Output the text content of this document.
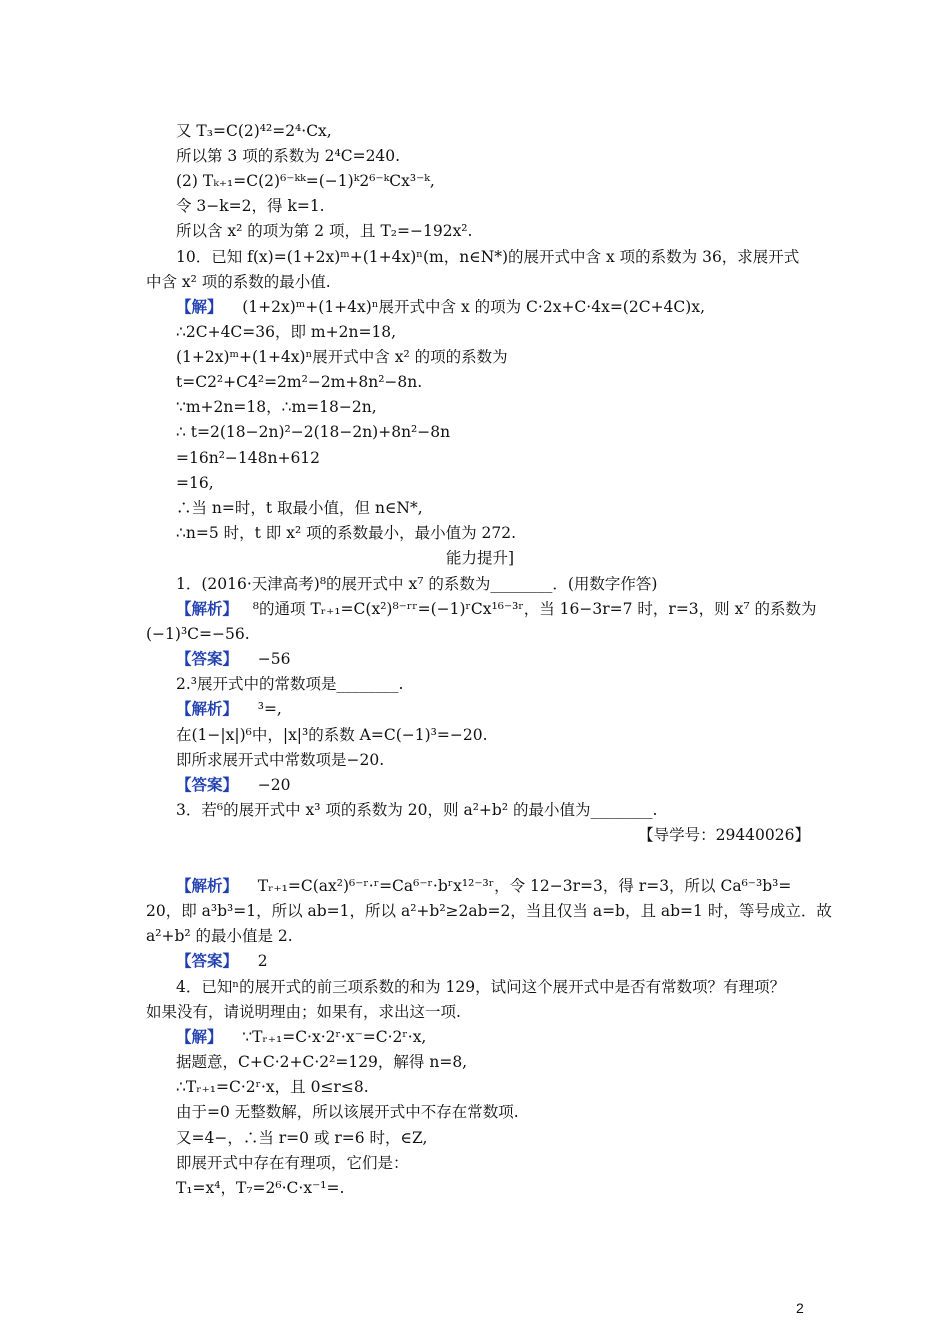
又 T₃=C(2)⁴²=2⁴·Cx,
所以第 3 项的系数为 2⁴C=240.
(2) Tₖ₊₁=C(2)⁶⁻ᵏᵏ=(−1)ᵏ2⁶⁻ᵏCx³⁻ᵏ,
令 3−k=2，得 k=1.
所以含 x² 的项为第 2 项，且 T₂=−192x².
10．已知 f(x)=(1+2x)ᵐ+(1+4x)ⁿ(m，n∈N*)的展开式中含 x 项的系数为 36，求展开式
中含 x² 项的系数的最小值.
【解】 (1+2x)ᵐ+(1+4x)ⁿ展开式中含 x 的项为 C·2x+C·4x=(2C+4C)x,
∴2C+4C=36，即 m+2n=18,
(1+2x)ᵐ+(1+4x)ⁿ展开式中含 x² 的项的系数为
t=C2²+C4²=2m²−2m+8n²−8n.
∵m+2n=18，∴m=18−2n,
∴ t=2(18−2n)²−2(18−2n)+8n²−8n
=16n²−148n+612
=16,
∴当 n=时，t 取最小值，但 n∈N*,
∴n=5 时，t 即 x² 项的系数最小，最小值为 272.
能力提升]
1．(2016·天津高考)⁸的展开式中 x⁷ 的系数为________．(用数字作答)
【解析】 ⁸的通项 Tᵣ₊₁=C(x²)⁸⁻ʳʳ=(−1)ʳCx¹⁶⁻³ʳ，当 16−3r=7 时，r=3，则 x⁷ 的系数为
(−1)³C=−56.
【答案】 −56
2.³展开式中的常数项是________.
【解析】 ³=,
在(1−|x|)⁶中，|x|³的系数 A=C(−1)³=−20.
即所求展开式中常数项是−20.
【答案】 −20
3．若⁶的展开式中 x³ 项的系数为 20，则 a²+b² 的最小值为________.
【导学号：29440026】
【解析】 Tᵣ₊₁=C(ax²)⁶⁻ʳ·ʳ=Ca⁶⁻ʳ·bʳx¹²⁻³ʳ，令 12−3r=3，得 r=3，所以 Ca⁶⁻³b³=
20，即 a³b³=1，所以 ab=1，所以 a²+b²≥2ab=2，当且仅当 a=b，且 ab=1 时，等号成立．故
a²+b² 的最小值是 2.
【答案】 2
4．已知ⁿ的展开式的前三项系数的和为 129，试问这个展开式中是否有常数项？有理项？
如果没有，请说明理由；如果有，求出这一项.
【解】 ∵Tᵣ₊₁=C·x·2ʳ·x⁻=C·2ʳ·x,
据题意，C+C·2+C·2²=129，解得 n=8,
∴Tᵣ₊₁=C·2ʳ·x，且 0≤r≤8.
由于=0 无整数解，所以该展开式中不存在常数项.
又=4−，∴当 r=0 或 r=6 时，∈Z,
即展开式中存在有理项，它们是：
T₁=x⁴，T₇=2⁶·C·x⁻¹=.
2
